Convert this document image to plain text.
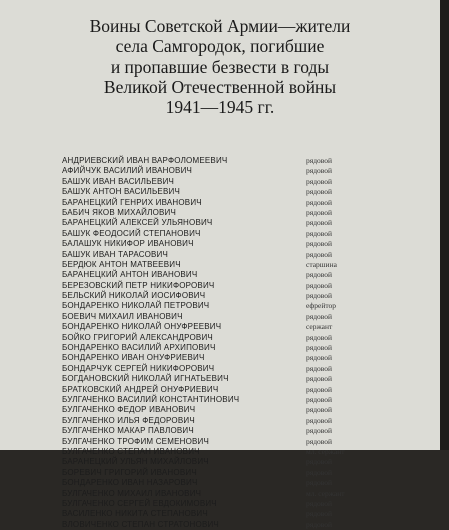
Воины Советской Армии—жители
села Самгородок, погибшие
и пропавшие безвести в годы
Великой Отечественной войны
1941—1945 гг.
АНДРИЕВСКИЙ ИВАН ВАРФОЛОМЕЕВИЧ	рядовой
АФИЙЧУК ВАСИЛИЙ ИВАНОВИЧ	рядовой
БАШУК ИВАН ВАСИЛЬЕВИЧ	рядовой
БАШУК АНТОН ВАСИЛЬЕВИЧ	рядовой
БАРАНЕЦКИЙ ГЕНРИХ ИВАНОВИЧ	рядовой
БАБИЧ ЯКОВ МИХАЙЛОВИЧ	рядовой
БАРАНЕЦКИЙ АЛЕКСЕЙ УЛЬЯНОВИЧ	рядовой
БАШУК ФЕОДОСИЙ СТЕПАНОВИЧ	рядовой
БАЛАШУК НИКИФОР ИВАНОВИЧ	рядовой
БАШУК ИВАН ТАРАСОВИЧ	рядовой
БЕРДЮК АНТОН МАТВЕЕВИЧ	старшина
БАРАНЕЦКИЙ АНТОН ИВАНОВИЧ	рядовой
БЕРЕЗОВСКИЙ ПЕТР НИКИФОРОВИЧ	рядовой
БЕЛЬСКИЙ НИКОЛАЙ ИОСИФОВИЧ	рядовой
БОНДАРЕНКО НИКОЛАЙ ПЕТРОВИЧ	ефрейтор
БОЕВИЧ МИХАИЛ ИВАНОВИЧ	рядовой
БОНДАРЕНКО НИКОЛАЙ ОНУФРЕЕВИЧ	сержант
БОЙКО ГРИГОРИЙ АЛЕКСАНДРОВИЧ	рядовой
БОНДАРЕНКО ВАСИЛИЙ АРХИПОВИЧ	рядовой
БОНДАРЕНКО ИВАН ОНУФРИЕВИЧ	рядовой
БОНДАРЧУК СЕРГЕЙ НИКИФОРОВИЧ	рядовой
БОГДАНОВСКИЙ НИКОЛАЙ ИГНАТЬЕВИЧ	рядовой
БРАТКОВСКИЙ АНДРЕЙ ОНУФРИЕВИЧ	рядовой
БУЛГАЧЕНКО ВАСИЛИЙ КОНСТАНТИНОВИЧ	рядовой
БУЛГАЧЕНКО ФЕДОР ИВАНОВИЧ	рядовой
БУЛГАЧЕНКО ИЛЬЯ ФЕДОРОВИЧ	рядовой
БУЛГАЧЕНКО МАКАР ПАВЛОВИЧ	рядовой
БУЛГАЧЕНКО ТРОФИМ СЕМЕНОВИЧ	рядовой
БУЛГАЧЕНКО СТЕПАН ИВАНОВИЧ	мл. сержант
БАРАНЕЦКИЙ УЛЬЯН МИХАЙЛОВИЧ	рядовой
БОРЕВИЧ ГРИГОРИЙ ИВАНОВИЧ	рядовой
БОНДАРЕНКО ИВАН НАЗАРОВИЧ	рядовой
БУЛГАЧЕНКО МИХАИЛ ИВАНОВИЧ	мл. сержант
БУЛГАЧЕНКО СЕРГЕЙ ЕВДОКИМОВИЧ	рядовой
ВАСИЛЕНКО НИКИТА СТЕПАНОВИЧ	рядовой
ВЛОВИЧЕНКО СТЕПАН СТРАТОНОВИЧ	рядовой
